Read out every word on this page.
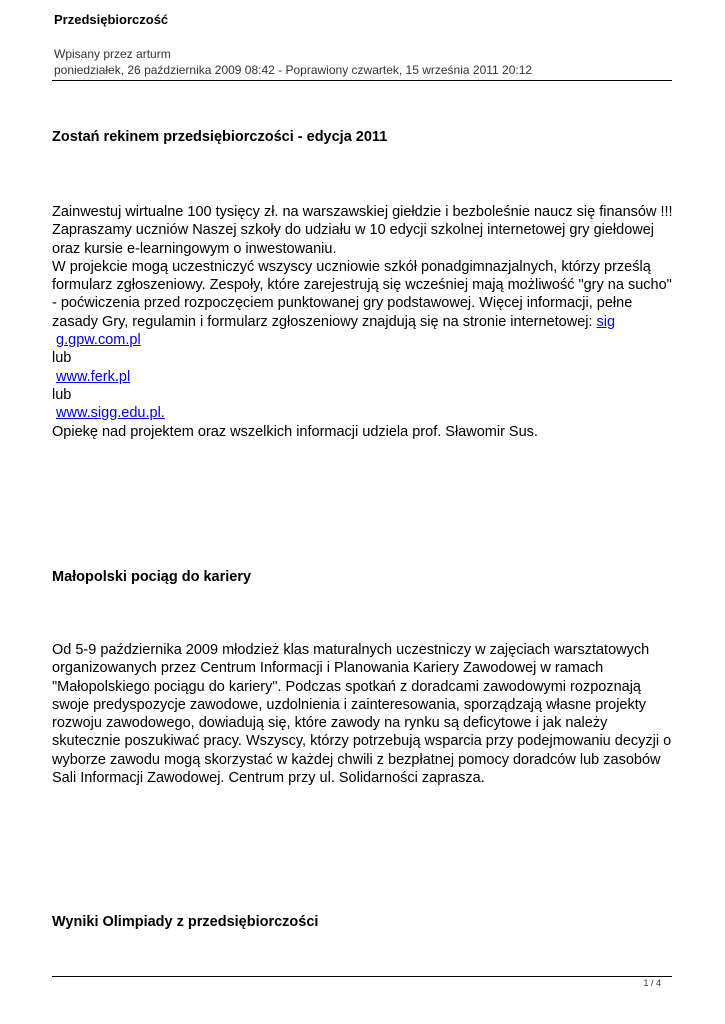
Przedsiębiorczość
Wpisany przez arturm
poniedziałek, 26 października 2009 08:42 - Poprawiony czwartek, 15 września 2011 20:12
Zostań rekinem przedsiębiorczości - edycja 2011

Zainwestuj wirtualne 100 tysięcy zł. na warszawskiej giełdzie i bezboleśnie naucz się finansów !!! Zapraszamy uczniów Naszej szkoły do udziału w 10 edycji szkolnej internetowej gry giełdowej oraz kursie e-learningowym o inwestowaniu.

W projekcie mogą uczestniczyć wszyscy uczniowie szkół ponadgimnazjalnych, którzy prześlą formularz zgłoszeniowy. Zespoły, które zarejestrują się wcześniej mają możliwość "gry na sucho" - poćwiczenia przed rozpoczęciem punktowanej gry podstawowej. Więcej informacji, pełne zasady Gry, regulamin i formularz zgłoszeniowy znajdują się na stronie internetowej: sig

g.gpw.com.pl

lub

www.ferk.pl

lub

www.sigg.edu.pl.

Opiekę nad projektem oraz wszelkich informacji udziela prof. Sławomir Sus.

Małopolski pociąg do kariery

Od 5-9 października 2009 młodzież klas maturalnych uczestniczy w zajęciach warsztatowych organizowanych przez Centrum Informacji i Planowania Kariery Zawodowej w ramach "Małopolskiego pociągu do kariery". Podczas spotkań z doradcami zawodowymi rozpoznają swoje predyspozycje zawodowe, uzdolnienia i zainteresowania, sporządzają własne projekty rozwoju zawodowego, dowiadują się, które zawody na rynku są deficytowe i jak należy skutecznie poszukiwać pracy. Wszyscy, którzy potrzebują wsparcia przy podejmowaniu decyzji o wyborze zawodu mogą skorzystać w każdej chwili z bezpłatnej pomocy doradców lub zasobów Sali Informacji Zawodowej. Centrum przy ul. Solidarności zaprasza.

Wyniki Olimpiady z przedsiębiorczości
1 / 4
